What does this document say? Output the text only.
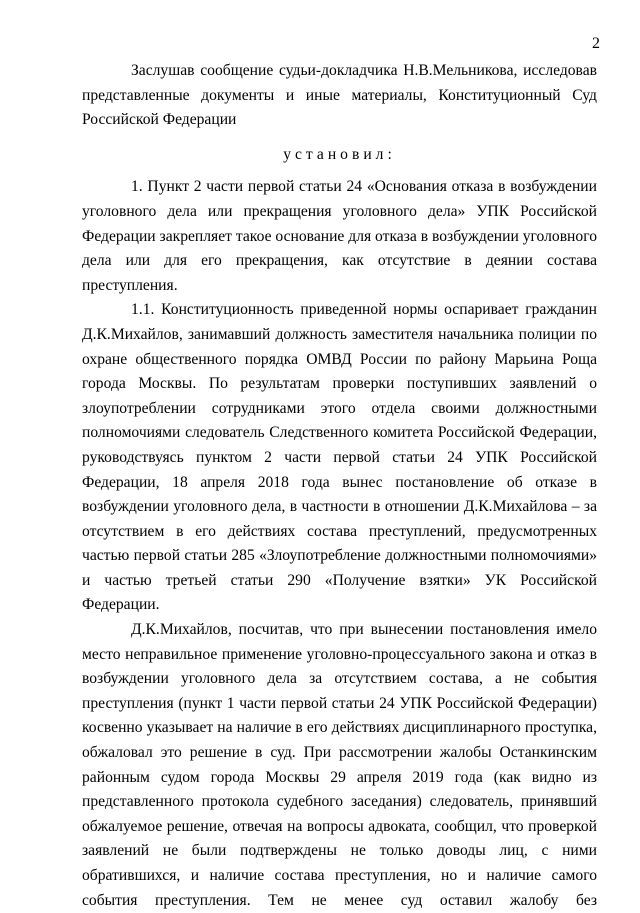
2

Заслушав сообщение судьи-докладчика Н.В.Мельникова, исследовав представленные документы и иные материалы, Конституционный Суд Российской Федерации

установил:

1. Пункт 2 части первой статьи 24 «Основания отказа в возбуждении уголовного дела или прекращения уголовного дела» УПК Российской Федерации закрепляет такое основание для отказа в возбуждении уголовного дела или для его прекращения, как отсутствие в деянии состава преступления.

1.1. Конституционность приведенной нормы оспаривает гражданин Д.К.Михайлов, занимавший должность заместителя начальника полиции по охране общественного порядка ОМВД России по району Марьина Роща города Москвы. По результатам проверки поступивших заявлений о злоупотреблении сотрудниками этого отдела своими должностными полномочиями следователь Следственного комитета Российской Федерации, руководствуясь пунктом 2 части первой статьи 24 УПК Российской Федерации, 18 апреля 2018 года вынес постановление об отказе в возбуждении уголовного дела, в частности в отношении Д.К.Михайлова – за отсутствием в его действиях состава преступлений, предусмотренных частью первой статьи 285 «Злоупотребление должностными полномочиями» и частью третьей статьи 290 «Получение взятки» УК Российской Федерации.

Д.К.Михайлов, посчитав, что при вынесении постановления имело место неправильное применение уголовно-процессуального закона и отказ в возбуждении уголовного дела за отсутствием состава, а не события преступления (пункт 1 части первой статьи 24 УПК Российской Федерации) косвенно указывает на наличие в его действиях дисциплинарного проступка, обжаловал это решение в суд. При рассмотрении жалобы Останкинским районным судом города Москвы 29 апреля 2019 года (как видно из представленного протокола судебного заседания) следователь, принявший обжалуемое решение, отвечая на вопросы адвоката, сообщил, что проверкой заявлений не были подтверждены не только доводы лиц, с ними обратившихся, и наличие состава преступления, но и наличие самого события преступления. Тем не менее суд оставил жалобу без
